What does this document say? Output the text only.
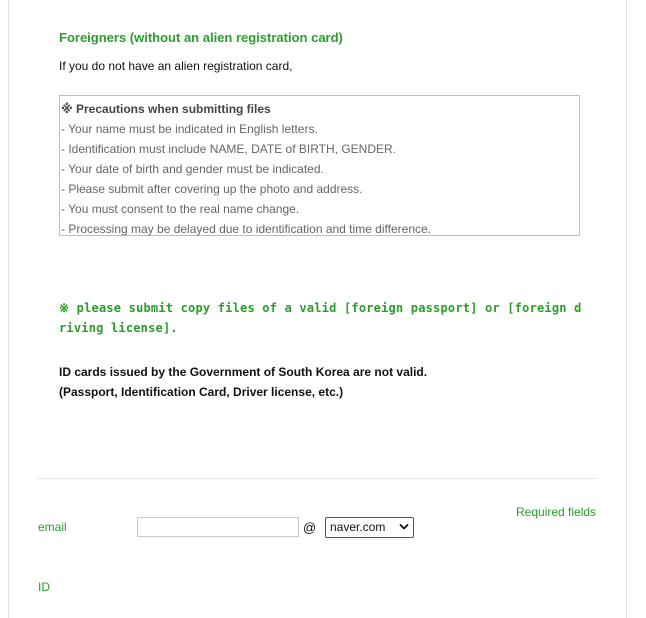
Foreigners (without an alien registration card)
If you do not have an alien registration card,
※ Precautions when submitting files
- Your name must be indicated in English letters.
- Identification must include NAME, DATE of BIRTH, GENDER.
- Your date of birth and gender must be indicated.
- Please submit after covering up the photo and address.
- You must consent to the real name change.
- Processing may be delayed due to identification and time difference.
※ please submit copy files of a valid [foreign passport] or [foreign driving license].
ID cards issued by the Government of South Korea are not valid.
(Passport, Identification Card, Driver license, etc.)
Required fields
email	@	naver.com
ID
